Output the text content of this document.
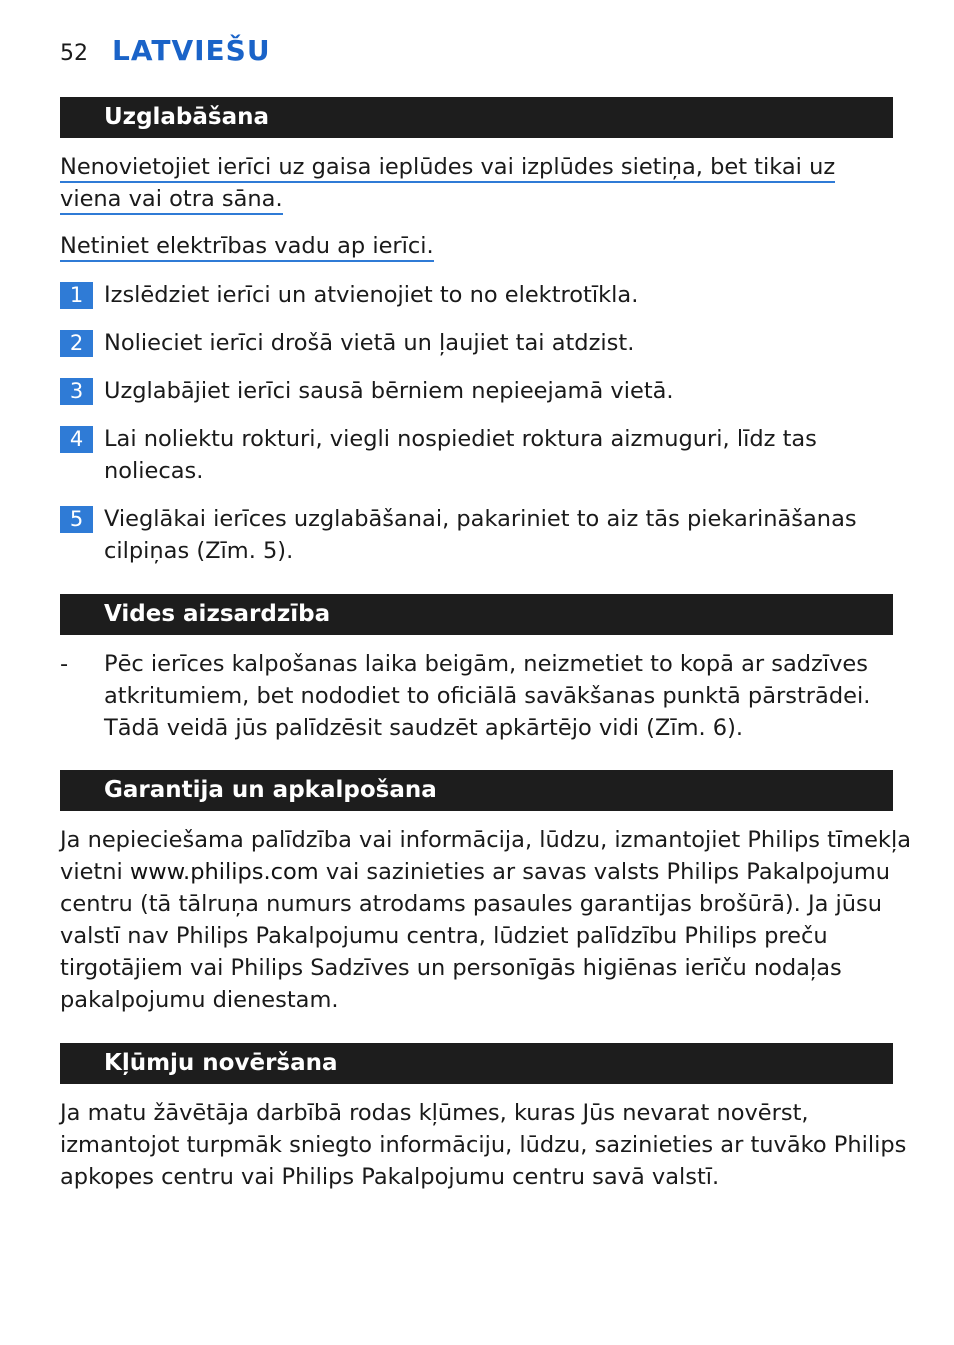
52 LATVIEŠU
Uzglabāšana
Nenovietojiet ierīci uz gaisa ieplūdes vai izplūdes sietiņa, bet tikai uz
viena vai otra sāna.
Netiniet elektrības vadu ap ierīci.
1 Izslēdziet ierīci un atvienojiet to no elektrotīkla.
2 Nolieciet ierīci drošā vietā un ļaujiet tai atdzist.
3 Uzglabājiet ierīci sausā bērniem nepieejamā vietā.
4 Lai noliektu rokturi, viegli nospiediet roktura aizmuguri, līdz tas
noliecas.
5 Vieglākai ierīces uzglabāšanai, pakariniet to aiz tās piekarināšanas
cilpiņas (Zīm. 5).
Vides aizsardzība
- Pēc ierīces kalpošanas laika beigām, neizmetiet to kopā ar sadzīves
atkritumiem, bet nododiet to oficiālā savākšanas punktā pārstrādei.
Tādā veidā jūs palīdzēsit saudzēt apkārtējo vidi (Zīm. 6).
Garantija un apkalpošana
Ja nepieciešama palīdzība vai informācija, lūdzu, izmantojiet Philips tīmekļa
vietni www.philips.com vai sazinieties ar savas valsts Philips Pakalpojumu
centru (tā tālruņa numurs atrodams pasaules garantijas brošūrā). Ja jūsu
valstī nav Philips Pakalpojumu centra, lūdziet palīdzību Philips preču
tirgotājiem vai Philips Sadzīves un personīgās higiēnas ierīču nodaļas
pakalpojumu dienestam.
Kļūmju novēršana
Ja matu žāvētāja darbībā rodas kļūmes, kuras Jūs nevarat novērst,
izmantojot turpmāk sniegto informāciju, lūdzu, sazinieties ar tuvāko Philips
apkopes centru vai Philips Pakalpojumu centru savā valstī.
